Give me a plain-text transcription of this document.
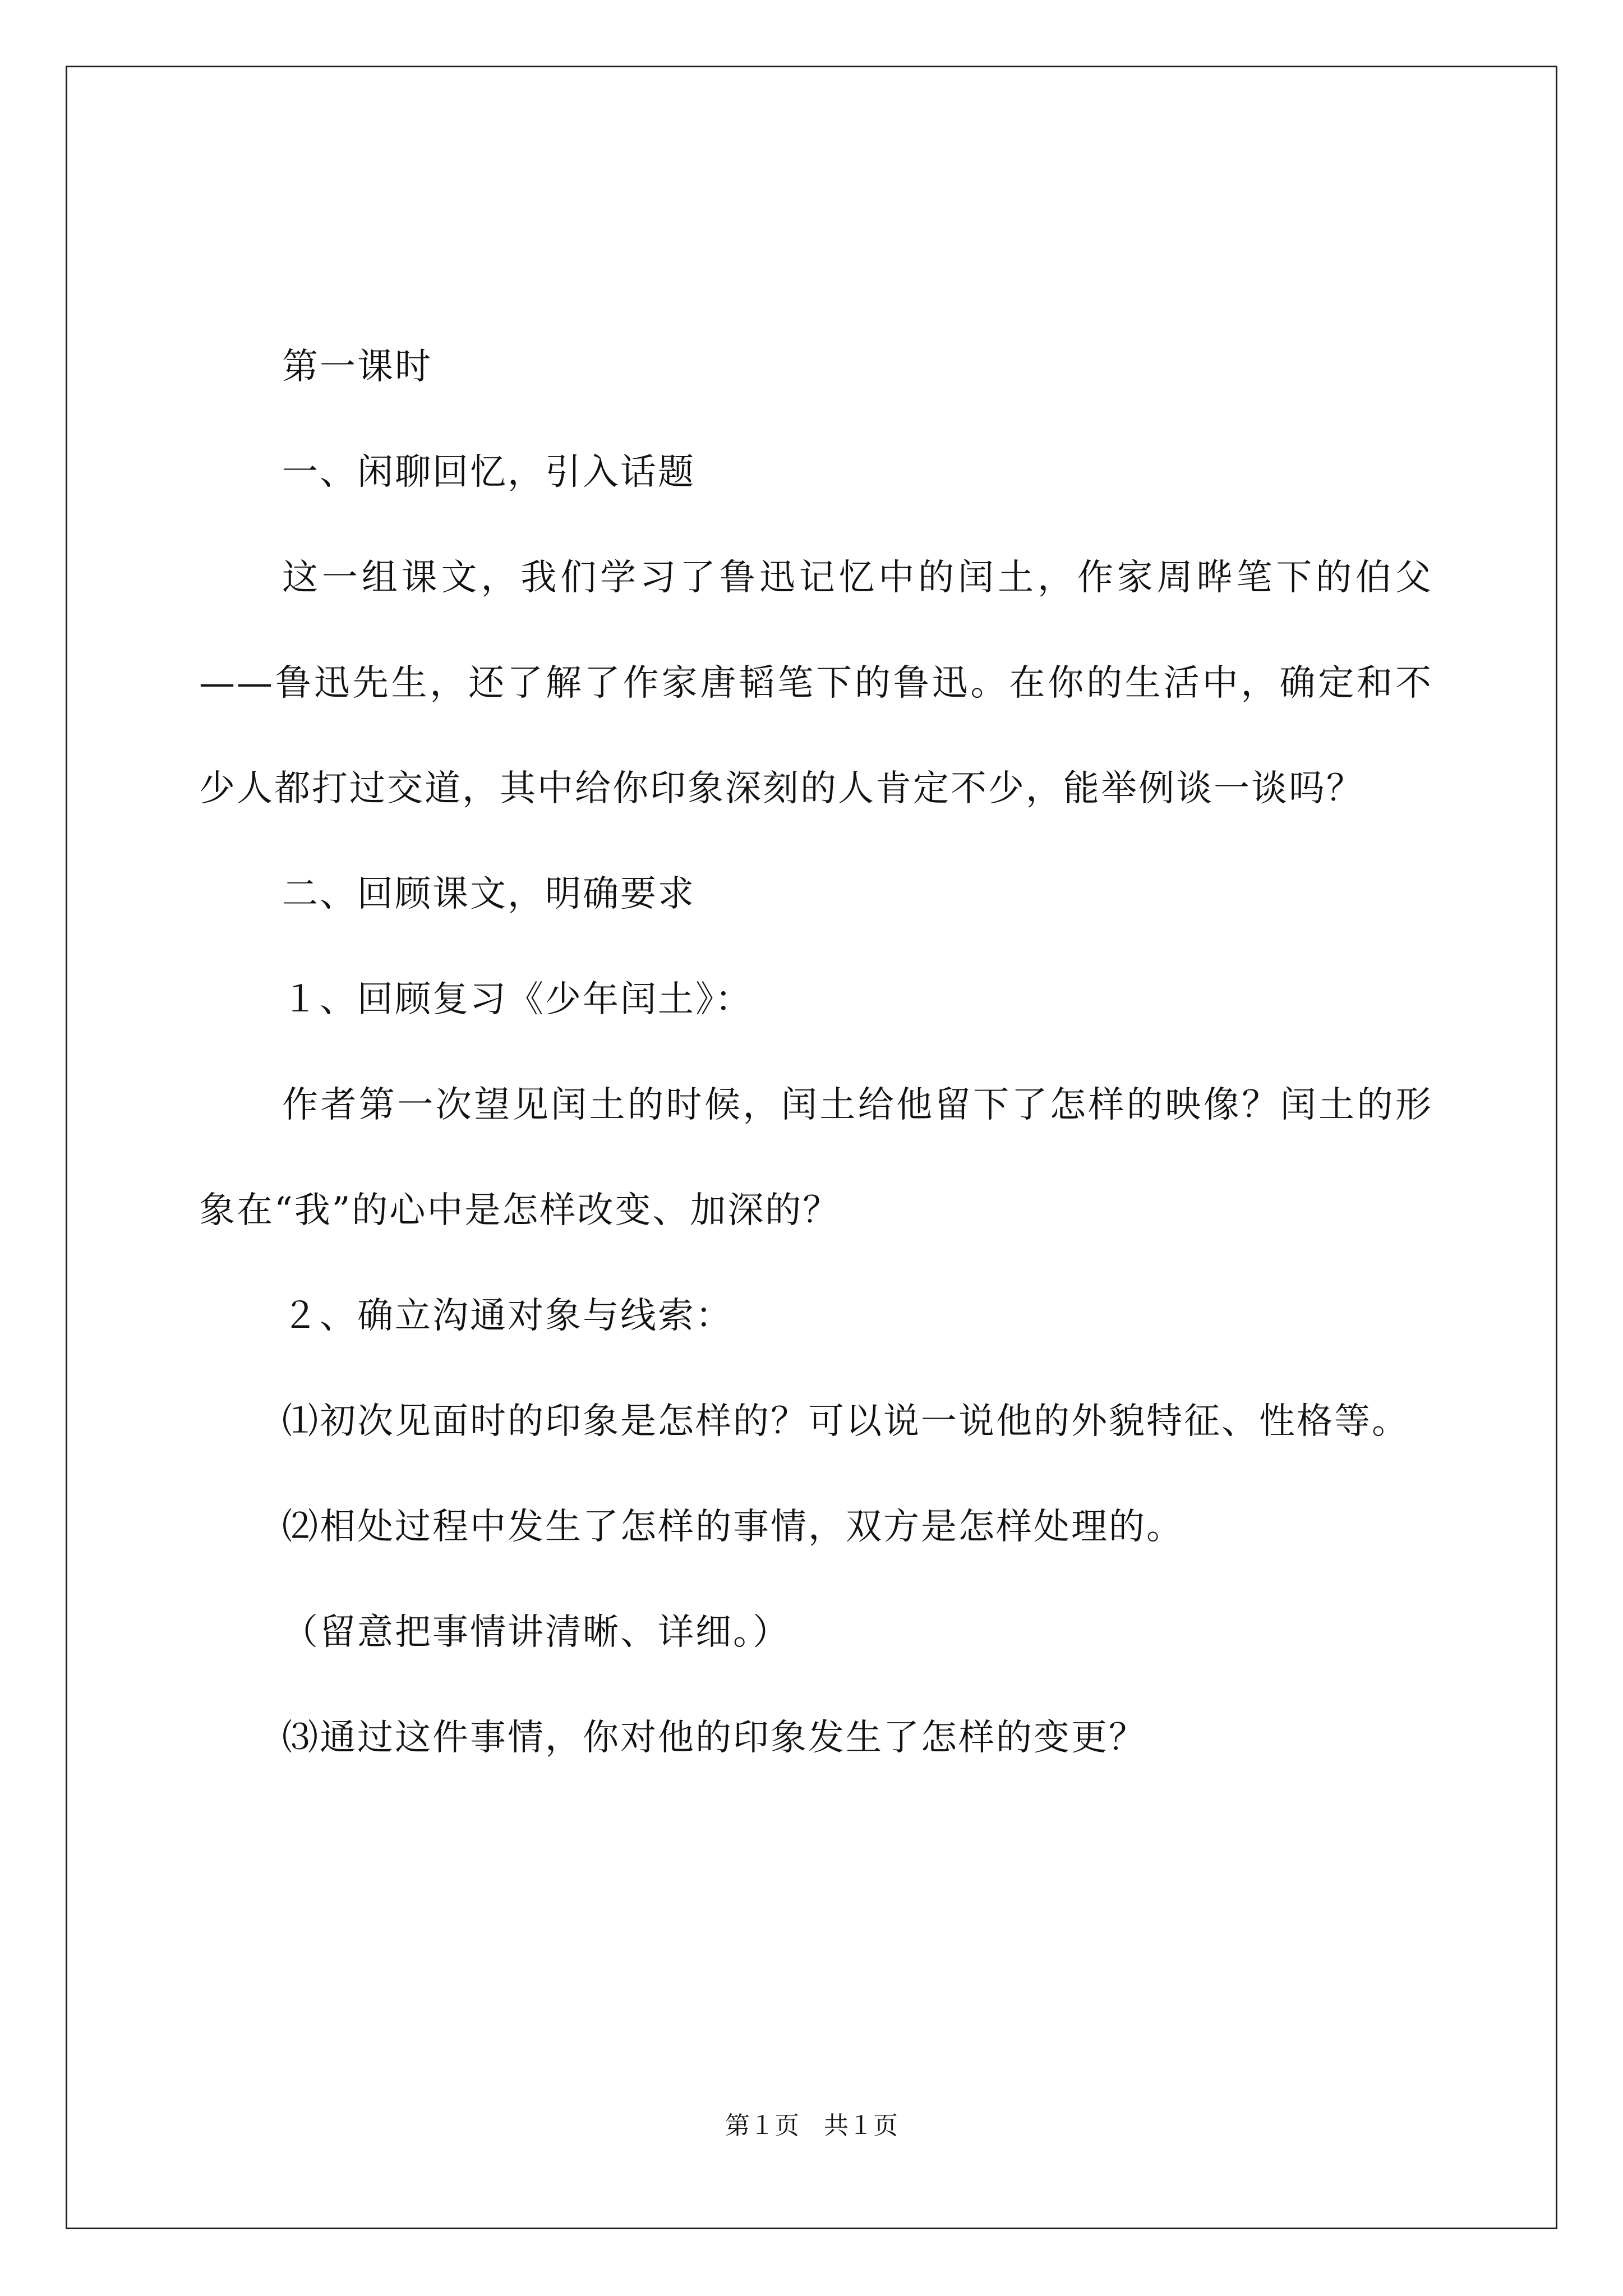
第一课时

一、闲聊回忆，引入话题

这一组课文，我们学习了鲁迅记忆中的闰土，作家周晔笔下的伯父——鲁迅先生，还了解了作家唐韬笔下的鲁迅。在你的生活中，确定和不少人都打过交道，其中给你印象深刻的人肯定不少，能举例谈一谈吗？

二、回顾课文，明确要求

１、回顾复习《少年闰土》：

作者第一次望见闰土的时候，闰土给他留下了怎样的映像？闰土的形象在“我”的心中是怎样改变、加深的？

２、确立沟通对象与线索：

⑴初次见面时的印象是怎样的？可以说一说他的外貌特征、性格等。

⑵相处过程中发生了怎样的事情，双方是怎样处理的。

（留意把事情讲清晰、详细。）

⑶通过这件事情，你对他的印象发生了怎样的变更？

第１页　共１页
